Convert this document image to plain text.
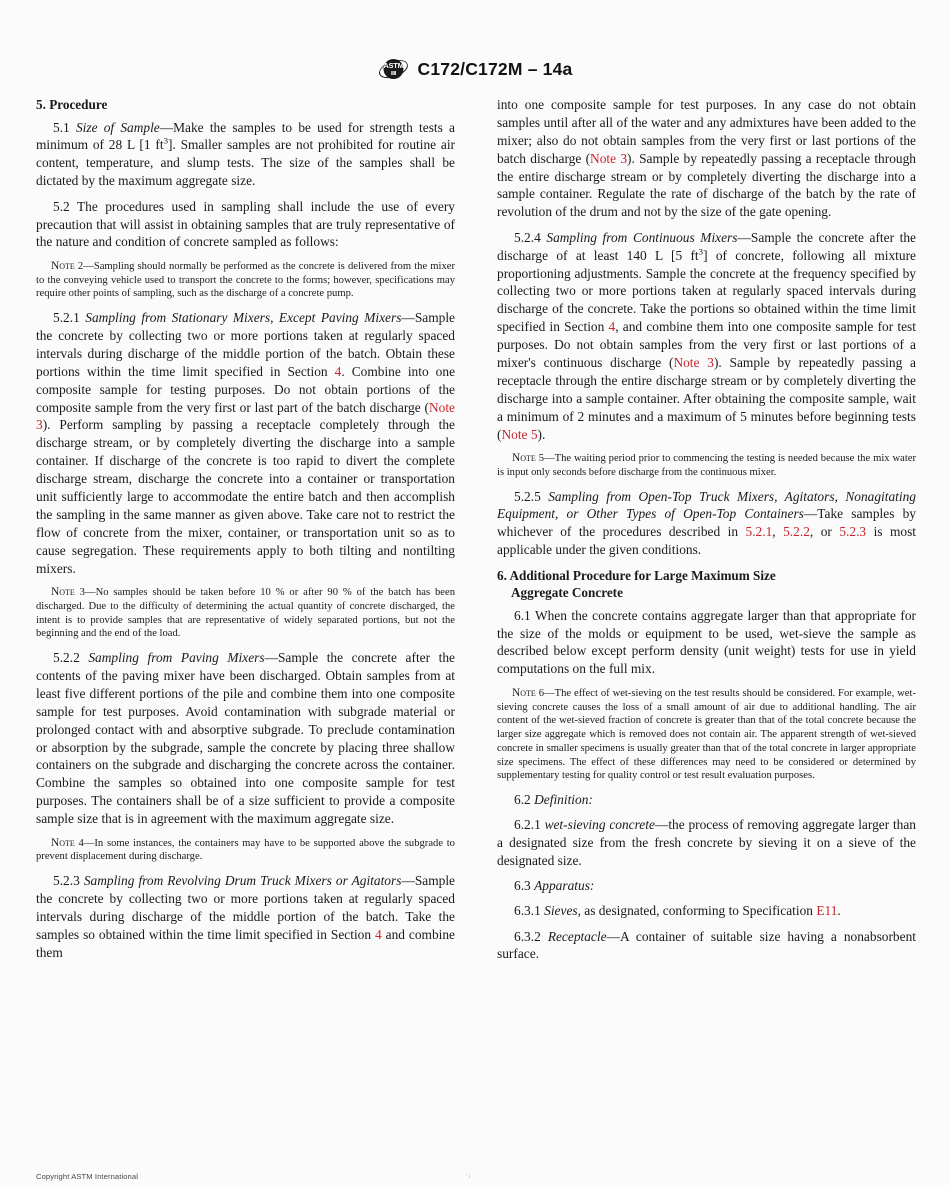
ASTM
IIII C172/C172M – 14a
5. Procedure

5.1 Size of Sample—Make the samples to be used for strength tests a minimum of 28 L [1 $ft^3$]. Smaller samples are not prohibited for routine air content, temperature, and slump tests. The size of the samples shall be dictated by the maximum aggregate size.

5.2 The procedures used in sampling shall include the use of every precaution that will assist in obtaining samples that are truly representative of the nature and condition of concrete sampled as follows:

Note 2—Sampling should normally be performed as the concrete is delivered from the mixer to the conveying vehicle used to transport the concrete to the forms; however, specifications may require other points of sampling, such as the discharge of a concrete pump.

5.2.1 Sampling from Stationary Mixers, Except Paving Mixers—Sample the concrete by collecting two or more portions taken at regularly spaced intervals during discharge of the middle portion of the batch. Obtain these portions within the time limit specified in Section 4. Combine into one composite sample for testing purposes. Do not obtain portions of the composite sample from the very first or last part of the batch discharge (Note 3). Perform sampling by passing a receptacle completely through the discharge stream, or by completely diverting the discharge into a sample container. If discharge of the concrete is too rapid to divert the complete discharge stream, discharge the concrete into a container or transportation unit sufficiently large to accommodate the entire batch and then accomplish the sampling in the same manner as given above. Take care not to restrict the flow of concrete from the mixer, container, or transportation unit so as to cause segregation. These requirements apply to both tilting and nontilting mixers.

Note 3—No samples should be taken before 10 % or after 90 % of the batch has been discharged. Due to the difficulty of determining the actual quantity of concrete discharged, the intent is to provide samples that are representative of widely separated portions, but not the beginning and the end of the load.

5.2.2 Sampling from Paving Mixers—Sample the concrete after the contents of the paving mixer have been discharged. Obtain samples from at least five different portions of the pile and combine them into one composite sample for test purposes. Avoid contamination with subgrade material or prolonged contact with and absorptive subgrade. To preclude contamination or absorption by the subgrade, sample the concrete by placing three shallow containers on the subgrade and discharging the concrete across the container. Combine the samples so obtained into one composite sample for test purposes. The containers shall be of a size sufficient to provide a composite sample size that is in agreement with the maximum aggregate size.

Note 4—In some instances, the containers may have to be supported above the subgrade to prevent displacement during discharge.

5.2.3 Sampling from Revolving Drum Truck Mixers or Agitators—Sample the concrete by collecting two or more portions taken at regularly spaced intervals during discharge of the middle portion of the batch. Take the samples so obtained within the time limit specified in Section 4 and combine them

into one composite sample for test purposes. In any case do not obtain samples until after all of the water and any admixtures have been added to the mixer; also do not obtain samples from the very first or last portions of the batch discharge (Note 3). Sample by repeatedly passing a receptacle through the entire discharge stream or by completely diverting the discharge into a sample container. Regulate the rate of discharge of the batch by the rate of revolution of the drum and not by the size of the gate opening.

5.2.4 Sampling from Continuous Mixers—Sample the concrete after the discharge of at least 140 L [5 $ft^3$] of concrete, following all mixture proportioning adjustments. Sample the concrete at the frequency specified by collecting two or more portions taken at regularly spaced intervals during discharge of the concrete. Take the portions so obtained within the time limit specified in Section 4, and combine them into one composite sample for test purposes. Do not obtain samples from the very first or last portions of a mixer's continuous discharge (Note 3). Sample by repeatedly passing a receptacle through the entire discharge stream or by completely diverting the discharge into a sample container. After obtaining the composite sample, wait a minimum of 2 minutes and a maximum of 5 minutes before beginning tests (Note 5).

Note 5—The waiting period prior to commencing the testing is needed because the mix water is input only seconds before discharge from the continuous mixer.

5.2.5 Sampling from Open-Top Truck Mixers, Agitators, Nonagitating Equipment, or Other Types of Open-Top Containers—Take samples by whichever of the procedures described in 5.2.1, 5.2.2, or 5.2.3 is most applicable under the given conditions.

6. Additional Procedure for Large Maximum Size
Aggregate Concrete

6.1 When the concrete contains aggregate larger than that appropriate for the size of the molds or equipment to be used, wet-sieve the sample as described below except perform density (unit weight) tests for use in yield computations on the full mix.

Note 6—The effect of wet-sieving on the test results should be considered. For example, wet-sieving concrete causes the loss of a small amount of air due to additional handling. The air content of the wet-sieved fraction of concrete is greater than that of the total concrete because the larger size aggregate which is removed does not contain air. The apparent strength of wet-sieved concrete in smaller specimens is usually greater than that of the total concrete in larger appropriate size specimens. The effect of these differences may need to be considered or determined by supplementary testing for quality control or test result evaluation purposes.

6.2 Definition:

6.2.1 wet-sieving concrete—the process of removing aggregate larger than a designated size from the fresh concrete by sieving it on a sieve of the designated size.

6.3 Apparatus:

6.3.1 Sieves, as designated, conforming to Specification E11.

6.3.2 Receptacle—A container of suitable size having a nonabsorbent surface.

Copyright ASTM International	' ı
